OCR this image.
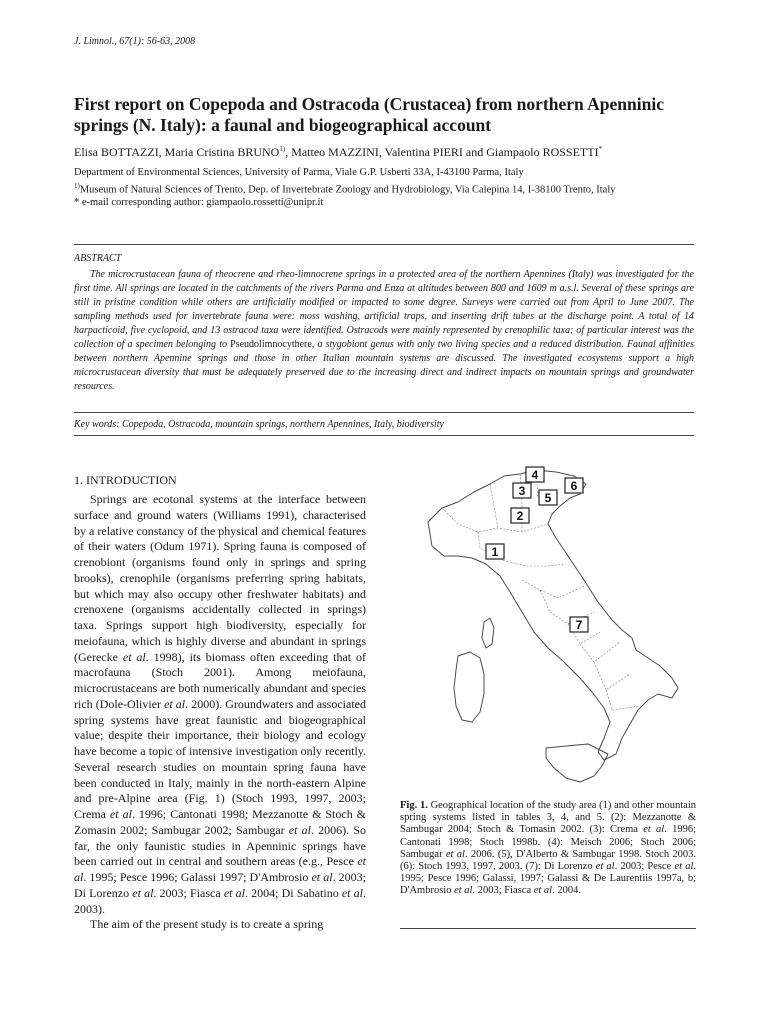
J. Limnol., 67(1): 56-63, 2008
First report on Copepoda and Ostracoda (Crustacea) from northern Apenninic springs (N. Italy): a faunal and biogeographical account
Elisa BOTTAZZI, Maria Cristina BRUNO$^{1)}$, Matteo MAZZINI, Valentina PIERI and Giampaolo ROSSETTI*
Department of Environmental Sciences, University of Parma, Viale G.P. Usberti 33A, I-43100 Parma, Italy
$^{1)}$Museum of Natural Sciences of Trento, Dep. of Invertebrate Zoology and Hydrobiology, Via Calepina 14, I-38100 Trento, Italy
* e-mail corresponding author: giampaolo.rossetti@unipr.it
ABSTRACT
The microcrustacean fauna of rheocrene and rheo-limnocrene springs in a protected area of the northern Apennines (Italy) was investigated for the first time. All springs are located in the catchments of the rivers Parma and Enza at altitudes between 800 and 1609 m a.s.l. Several of these springs are still in pristine condition while others are artificially modified or impacted to some degree. Surveys were carried out from April to June 2007. The sampling methods used for invertebrate fauna were: moss washing, artificial traps, and inserting drift tubes at the discharge point. A total of 14 harpacticoid, five cyclopoid, and 13 ostracod taxa were identified. Ostracods were mainly represented by crenophilic taxa; of particular interest was the collection of a specimen belonging to Pseudolimnocythere, a stygobiont genus with only two living species and a reduced distribution. Faunal affinities between northern Apennine springs and those in other Italian mountain systems are discussed. The investigated ecosystems support a high microcrustacean diversity that must be adequately preserved due to the increasing direct and indirect impacts on mountain springs and groundwater resources.
Key words: Copepoda, Ostracoda, mountain springs, northern Apennines, Italy, biodiversity
1. INTRODUCTION

Springs are ecotonal systems at the interface between surface and ground waters (Williams 1991), characterised by a relative constancy of the physical and chemical features of their waters (Odum 1971). Spring fauna is composed of crenobiont (organisms found only in springs and spring brooks), crenophile (organisms preferring spring habitats, but which may also occupy other freshwater habitats) and crenoxene (organisms accidentally collected in springs) taxa. Springs support high biodiversity, especially for meiofauna, which is highly diverse and abundant in springs (Gerecke et al. 1998), its biomass often exceeding that of macrofauna (Stoch 2001). Among meiofauna, microcrustaceans are both numerically abundant and species rich (Dole-Olivier et al. 2000). Groundwaters and associated spring systems have great faunistic and biogeographical value; despite their importance, their biology and ecology have become a topic of intensive investigation only recently. Several research studies on mountain spring fauna have been conducted in Italy, mainly in the north-eastern Alpine and pre-Alpine area (Fig. 1) (Stoch 1993, 1997, 2003; Crema et al. 1996; Cantonati 1998; Mezzanotte & Stoch & Zomasin 2002; Sambugar 2002; Sambugar et al. 2006). So far, the only faunistic studies in Apenninic springs have been carried out in central and southern areas (e.g., Pesce et al. 1995; Pesce 1996; Galassi 1997; D'Ambrosio et al. 2003; Di Lorenzo et al. 2003; Fiasca et al. 2004; Di Sabatino et al. 2003).

The aim of the present study is to create a spring

4
3 5
6
2
1
7
Fig. 1. Geographical location of the study area (1) and other mountain spring systems listed in tables 3, 4, and 5. (2): Mezzanotte & Sambugar 2004; Stoch & Tomasin 2002. (3): Crema et al. 1996; Cantonati 1998; Stoch 1998b. (4): Meisch 2006; Stoch 2006; Sambugar et al. 2006. (5), D'Alberto & Sambugar 1998. Stoch 2003. (6): Stoch 1993, 1997, 2003. (7): Di Lorenzo et al. 2003; Pesce et al. 1995; Pesce 1996; Galassi, 1997; Galassi & De Laurentiis 1997a, b; D'Ambrosio et al. 2003; Fiasca et al. 2004.
